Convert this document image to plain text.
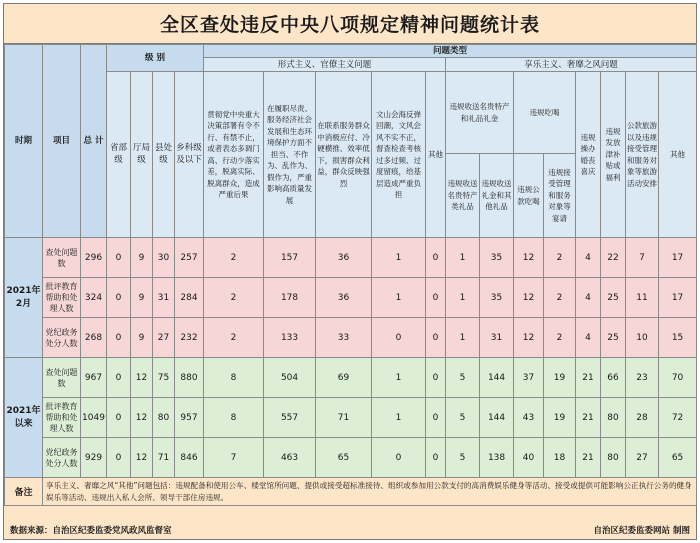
全区查处违反中央八项规定精神问题统计表
时期	项目	总 计	级 别				问题类型												
							形式主义、官僚主义问题					享乐主义、奢靡之风问题							
			省部级	厅局级	县处级	乡科级及以下	贯彻党中央重大决策部署有令不行、有禁不止，或者表态多调门高、行动少落实差，脱离实际、脱离群众，造成严重后果	在履职尽责、服务经济社会发展和生态环境保护方面不担当、不作为、乱作为、假作为，严重影响高质量发展	在联系服务群众中消极应付、冷硬横推、效率低下，损害群众利益，群众反映强烈	文山会海反弹回潮，文风会风不实不正，督查检查考核过多过频、过度留痕，给基层造成严重负担	其他	违规收送名贵特产和礼品礼金		违规吃喝		违规操办婚丧喜庆	违规发放津补贴或福利	公款旅游以及违规接受管理和服务对象等旅游活动安排	其他
												违规收送名贵特产类礼品	违规收送礼金和其他礼品	违规公款吃喝	违规接受管理和服务对象等宴请				
2021年2月	查处问题数	296	0	9	30	257	2	157	36	1	0	1	35	12	2	4	22	7	17
	批评教育帮助和处理人数	324	0	9	31	284	2	178	36	1	0	1	35	12	2	4	25	11	17
	党纪政务处分人数	268	0	9	27	232	2	133	33	0	0	1	31	12	2	4	25	10	15
2021年以来	查处问题数	967	0	12	75	880	8	504	69	1	0	5	144	37	19	21	66	23	70
	批评教育帮助和处理人数	1049	0	12	80	957	8	557	71	1	0	5	144	43	19	21	80	28	72
	党纪政务处分人数	929	0	12	71	846	7	463	65	0	0	5	138	40	18	21	80	27	65
备注	享乐主义、奢靡之风“其他”问题包括：违规配备和使用公车、楼堂馆所问题、提供或接受超标准接待、组织或参加用公款支付的高消费娱乐健身等活动、接受或提供可能影响公正执行公务的健身娱乐等活动、违规出入私人会所、领导干部住房违规。																		
数据来源：自治区纪委监委党风政风监督室	自治区纪委监委网站 制图
